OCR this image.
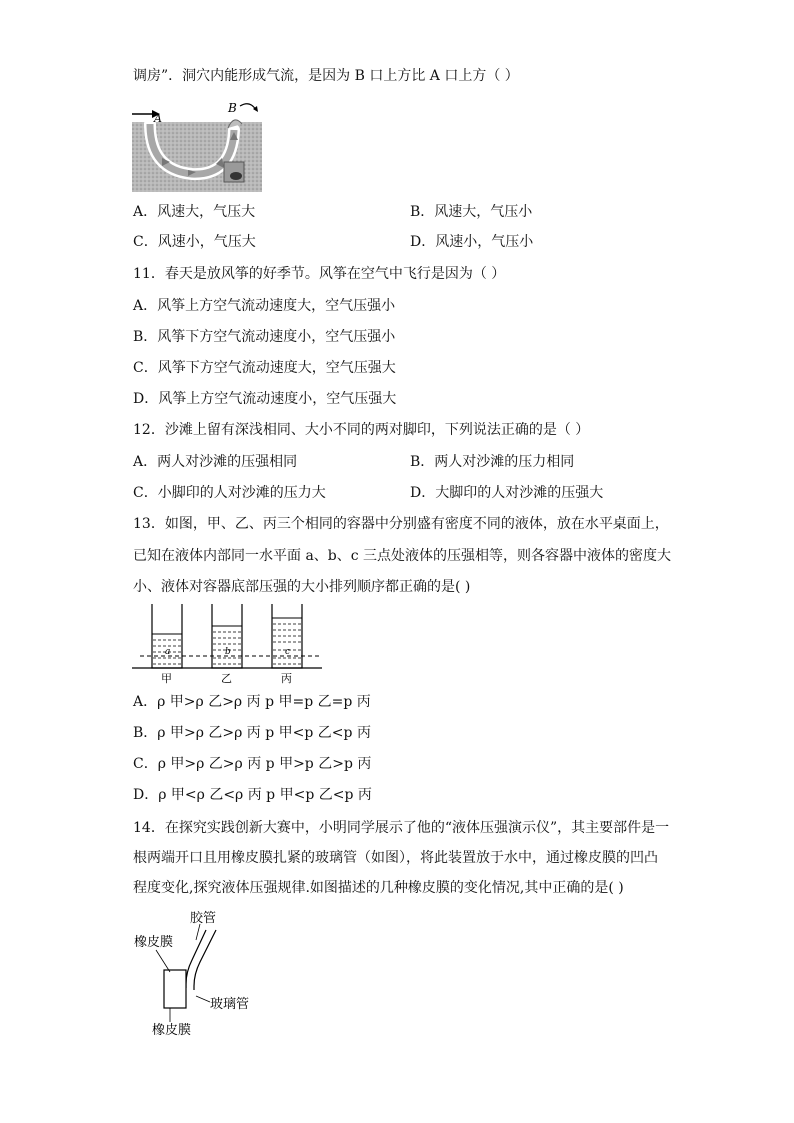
调房”．洞穴内能形成气流，是因为 B 口上方比 A 口上方（ ）
A
B
A．风速大，气压大	B．风速大，气压小
C．风速小，气压大	D．风速小，气压小
11．春天是放风筝的好季节。风筝在空气中飞行是因为（ ）
A．风筝上方空气流动速度大，空气压强小
B．风筝下方空气流动速度小，空气压强小
C．风筝下方空气流动速度大，空气压强大
D．风筝上方空气流动速度小，空气压强大
12．沙滩上留有深浅相同、大小不同的两对脚印，下列说法正确的是（ ）
A．两人对沙滩的压强相同	B．两人对沙滩的压力相同
C．小脚印的人对沙滩的压力大	D．大脚印的人对沙滩的压强大
13．如图，甲、乙、丙三个相同的容器中分别盛有密度不同的液体，放在水平桌面上，
已知在液体内部同一水平面 a、b、c 三点处液体的压强相等，则各容器中液体的密度大
小、液体对容器底部压强的大小排列顺序都正确的是( )
a	b	c
甲	乙	丙
A．ρ 甲>ρ 乙>ρ 丙 p 甲=p 乙=p 丙
B．ρ 甲>ρ 乙>ρ 丙 p 甲<p 乙<p 丙
C．ρ 甲>ρ 乙>ρ 丙 p 甲>p 乙>p 丙
D．ρ 甲<ρ 乙<ρ 丙 p 甲<p 乙<p 丙
14．在探究实践创新大赛中，小明同学展示了他的“液体压强演示仪”，其主要部件是一
根两端开口且用橡皮膜扎紧的玻璃管（如图），将此装置放于水中，通过橡皮膜的凹凸
程度变化,探究液体压强规律.如图描述的几种橡皮膜的变化情况,其中正确的是( )
胶管
橡皮膜
玻璃管
橡皮膜
